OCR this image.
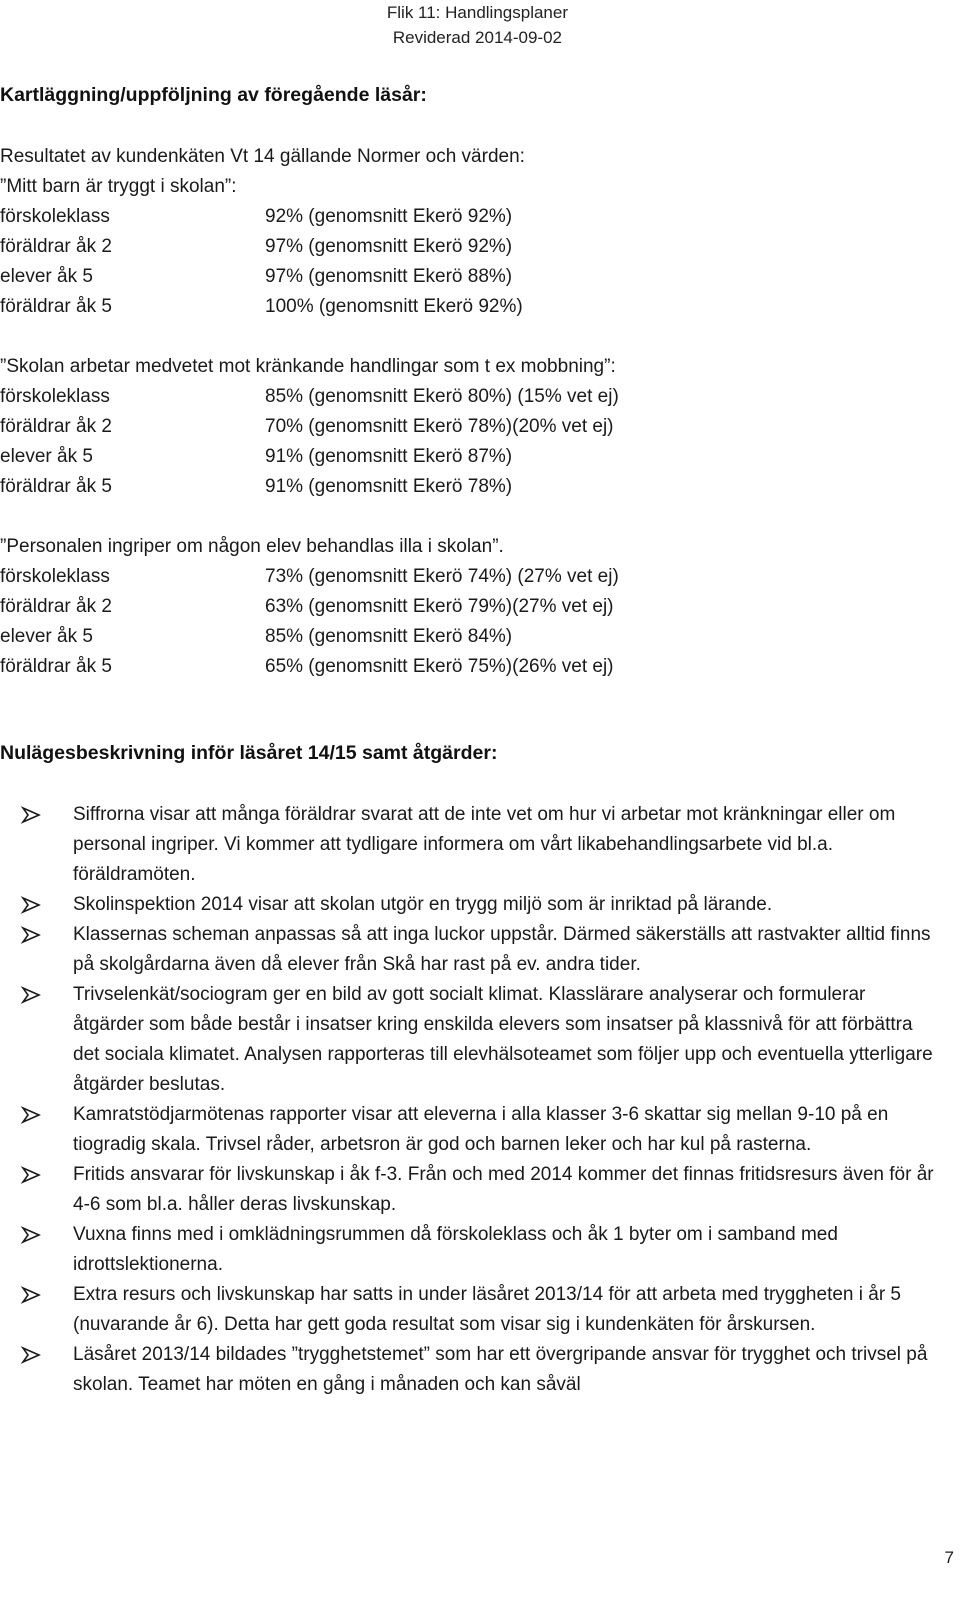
Flik 11: Handlingsplaner
Reviderad 2014-09-02
Kartläggning/uppföljning av föregående läsår:
Resultatet av kundenkäten Vt 14 gällande Normer och värden:
”Mitt barn är tryggt i skolan”:
förskoleklass	92% (genomsnitt Ekerö 92%)
föräldrar åk 2	97% (genomsnitt Ekerö 92%)
elever åk 5	97% (genomsnitt Ekerö 88%)
föräldrar åk 5	100% (genomsnitt Ekerö 92%)
”Skolan arbetar medvetet mot kränkande handlingar som t ex mobbning”:
förskoleklass	85% (genomsnitt Ekerö 80%) (15% vet ej)
föräldrar åk 2	70% (genomsnitt Ekerö 78%)(20% vet ej)
elever åk 5	91% (genomsnitt Ekerö 87%)
föräldrar åk 5	91% (genomsnitt Ekerö 78%)
”Personalen ingriper om någon elev behandlas illa i skolan”.
förskoleklass	73% (genomsnitt Ekerö 74%) (27% vet ej)
föräldrar åk 2	63% (genomsnitt Ekerö 79%)(27% vet ej)
elever åk 5	85% (genomsnitt Ekerö 84%)
föräldrar åk 5	65% (genomsnitt Ekerö 75%)(26% vet ej)
Nulägesbeskrivning inför läsåret 14/15 samt åtgärder:
Siffrorna visar att många föräldrar svarat att de inte vet om hur vi arbetar mot kränkningar eller om personal ingriper. Vi kommer att tydligare informera om vårt likabehandlingsarbete vid bl.a. föräldramöten.
Skolinspektion 2014 visar att skolan utgör en trygg miljö som är inriktad på lärande.
Klassernas scheman anpassas så att inga luckor uppstår. Därmed säkerställs att rastvakter alltid finns på skolgårdarna även då elever från Skå har rast på ev. andra tider.
Trivselenkät/sociogram ger en bild av gott socialt klimat. Klasslärare analyserar och formulerar åtgärder som både består i insatser kring enskilda elevers som insatser på klassnivå för att förbättra det sociala klimatet. Analysen rapporteras till elevhälsoteamet som följer upp och eventuella ytterligare åtgärder beslutas.
Kamratstödjarmötenas rapporter visar att eleverna i alla klasser 3-6 skattar sig mellan 9-10 på en tiogradig skala. Trivsel råder, arbetsron är god och barnen leker och har kul på rasterna.
Fritids ansvarar för livskunskap i åk f-3. Från och med 2014 kommer det finnas fritidsresurs även för år 4-6 som bl.a. håller deras livskunskap.
Vuxna finns med i omklädningsrummen då förskoleklass och åk 1 byter om i samband med idrottslektionerna.
Extra resurs och livskunskap har satts in under läsåret 2013/14 för att arbeta med tryggheten i år 5 (nuvarande år 6). Detta har gett goda resultat som visar sig i kundenkäten för årskursen.
Läsåret 2013/14 bildades ”trygghetstemet” som har ett övergripande ansvar för trygghet och trivsel på skolan. Teamet har möten en gång i månaden och kan såväl
7
